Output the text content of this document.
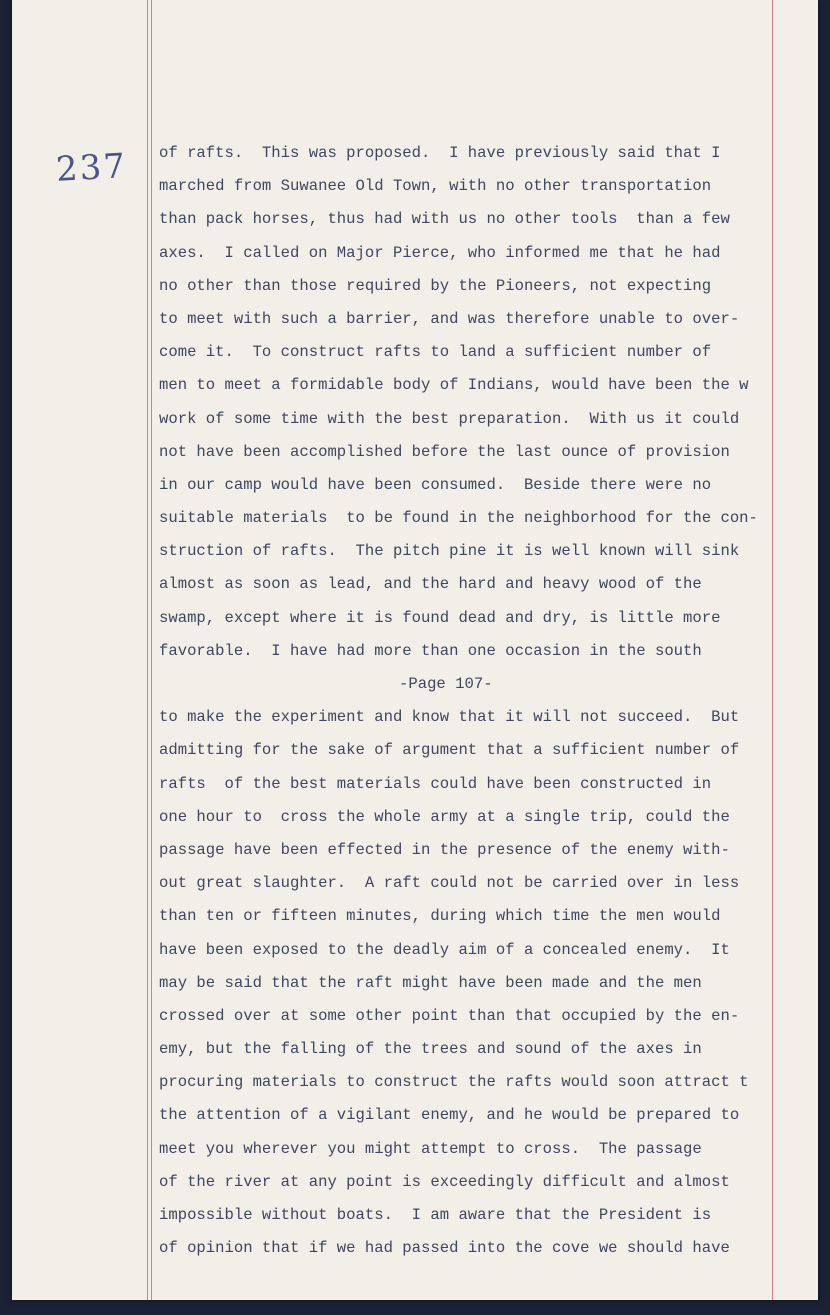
237 of rafts.  This was proposed.  I have previously said that I
marched from Suwanee Old Town, with no other transportation
than pack horses, thus had with us no other tools  than a few
axes.  I called on Major Pierce, who informed me that he had
no other than those required by the Pioneers, not expecting
to meet with such a barrier, and was therefore unable to over-
come it.  To construct rafts to land a sufficient number of
men to meet a formidable body of Indians, would have been the w
work of some time with the best preparation.  With us it could
not have been accomplished before the last ounce of provision
in our camp would have been consumed.  Beside there were no
suitable materials  to be found in the neighborhood for the con-
struction of rafts.  The pitch pine it is well known will sink
almost as soon as lead, and the hard and heavy wood of the
swamp, except where it is found dead and dry, is little more
favorable.  I have had more than one occasion in the south
-Page 107-
to make the experiment and know that it will not succeed.  But
admitting for the sake of argument that a sufficient number of
rafts  of the best materials could have been constructed in
one hour to  cross the whole army at a single trip, could the
passage have been effected in the presence of the enemy with-
out great slaughter.  A raft could not be carried over in less
than ten or fifteen minutes, during which time the men would
have been exposed to the deadly aim of a concealed enemy.  It
may be said that the raft might have been made and the men
crossed over at some other point than that occupied by the en-
emy, but the falling of the trees and sound of the axes in
procuring materials to construct the rafts would soon attract t
the attention of a vigilant enemy, and he would be prepared to
meet you wherever you might attempt to cross.  The passage
of the river at any point is exceedingly difficult and almost
impossible without boats.  I am aware that the President is
of opinion that if we had passed into the cove we should have
